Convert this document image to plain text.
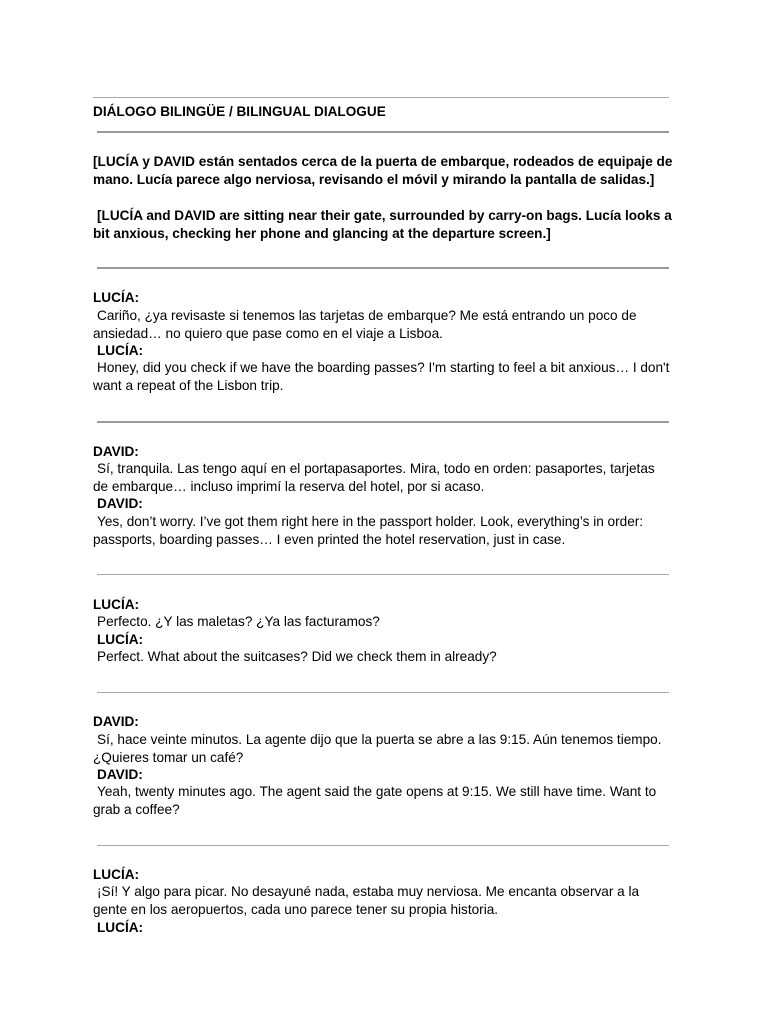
DIÁLOGO BILINGÜE / BILINGUAL DIALOGUE

[LUCÍA y DAVID están sentados cerca de la puerta de embarque, rodeados de equipaje de mano. Lucía parece algo nerviosa, revisando el móvil y mirando la pantalla de salidas.]

[LUCÍA and DAVID are sitting near their gate, surrounded by carry-on bags. Lucía looks a bit anxious, checking her phone and glancing at the departure screen.]

LUCÍA:

Cariño, ¿ya revisaste si tenemos las tarjetas de embarque? Me está entrando un poco de ansiedad… no quiero que pase como en el viaje a Lisboa.

LUCÍA:

Honey, did you check if we have the boarding passes? I'm starting to feel a bit anxious… I don't want a repeat of the Lisbon trip.

DAVID:

Sí, tranquila. Las tengo aquí en el portapasaportes. Mira, todo en orden: pasaportes, tarjetas de embarque… incluso imprimí la reserva del hotel, por si acaso.

DAVID:

Yes, don’t worry. I’ve got them right here in the passport holder. Look, everything’s in order: passports, boarding passes… I even printed the hotel reservation, just in case.

LUCÍA:

Perfecto. ¿Y las maletas? ¿Ya las facturamos?

LUCÍA:

Perfect. What about the suitcases? Did we check them in already?

DAVID:

Sí, hace veinte minutos. La agente dijo que la puerta se abre a las 9:15. Aún tenemos tiempo. ¿Quieres tomar un café?

DAVID:

Yeah, twenty minutes ago. The agent said the gate opens at 9:15. We still have time. Want to grab a coffee?

LUCÍA:

¡Sí! Y algo para picar. No desayuné nada, estaba muy nerviosa. Me encanta observar a la gente en los aeropuertos, cada uno parece tener su propia historia.

LUCÍA:
